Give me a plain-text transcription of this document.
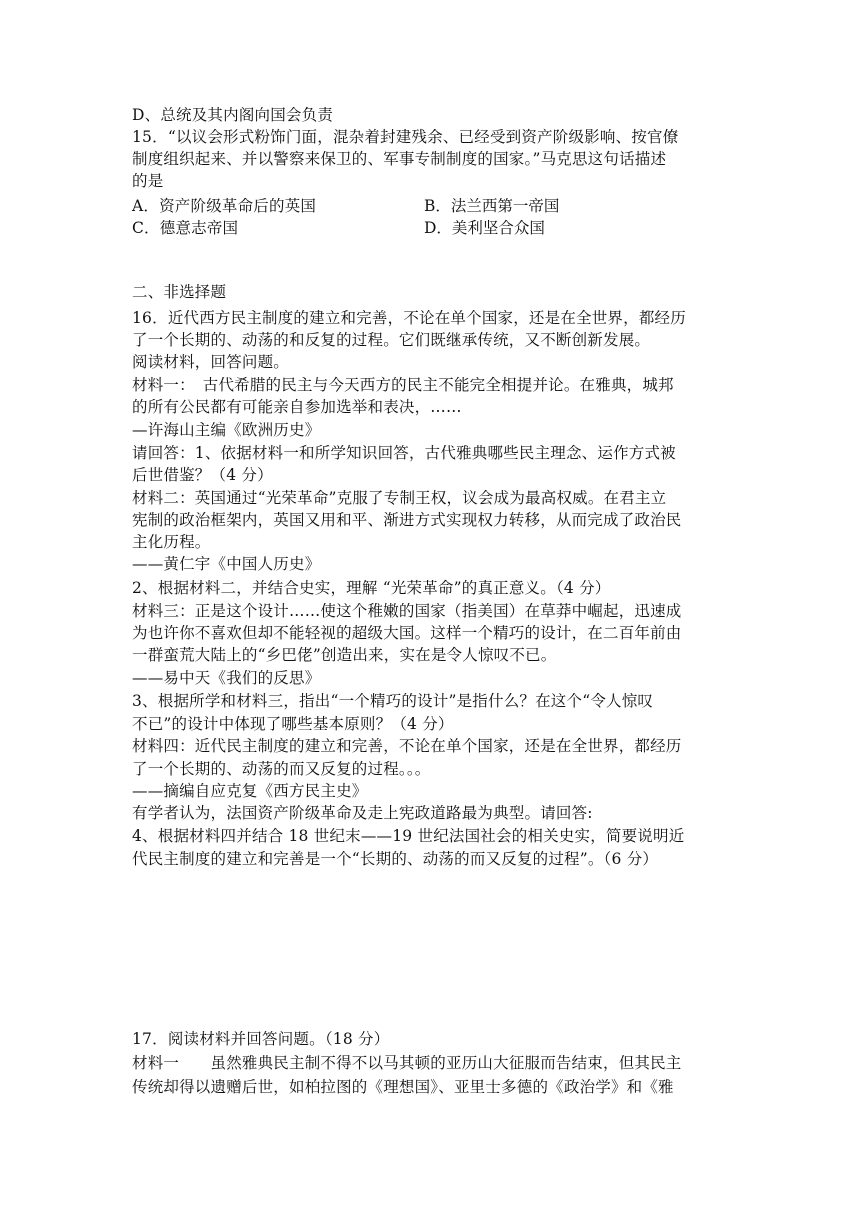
D、总统及其内阁向国会负责
15．“以议会形式粉饰门面，混杂着封建残余、已经受到资产阶级影响、按官僚
制度组织起来、并以警察来保卫的、军事专制制度的国家。”马克思这句话描述
的是
A．资产阶级革命后的英国	B．法兰西第一帝国
C．德意志帝国	D．美利坚合众国
二、非选择题
16．近代西方民主制度的建立和完善，不论在单个国家，还是在全世界，都经历
了一个长期的、动荡的和反复的过程。它们既继承传统，又不断创新发展。
阅读材料，回答问题。
材料一：　古代希腊的民主与今天西方的民主不能完全相提并论。在雅典，城邦
的所有公民都有可能亲自参加选举和表决，……
—许海山主编《欧洲历史》
请回答：1、依据材料一和所学知识回答，古代雅典哪些民主理念、运作方式被
后世借鉴？（4 分）
材料二：英国通过“光荣革命”克服了专制王权，议会成为最高权威。在君主立
宪制的政治框架内，英国又用和平、渐进方式实现权力转移，从而完成了政治民
主化历程。
——黄仁宇《中国人历史》
2、根据材料二，并结合史实，理解 “光荣革命”的真正意义。（4 分）
材料三：正是这个设计……使这个稚嫩的国家（指美国）在草莽中崛起，迅速成
为也许你不喜欢但却不能轻视的超级大国。这样一个精巧的设计，在二百年前由
一群蛮荒大陆上的“乡巴佬”创造出来，实在是令人惊叹不已。
——易中天《我们的反思》
3、根据所学和材料三，指出“一个精巧的设计”是指什么？在这个“令人惊叹
不已”的设计中体现了哪些基本原则？（4 分）
材料四：近代民主制度的建立和完善，不论在单个国家，还是在全世界，都经历
了一个长期的、动荡的而又反复的过程。。。
——摘编自应克复《西方民主史》
有学者认为，法国资产阶级革命及走上宪政道路最为典型。请回答:
4、根据材料四并结合 18 世纪末——19 世纪法国社会的相关史实，简要说明近
代民主制度的建立和完善是一个“长期的、动荡的而又反复的过程”。（6 分）
17．阅读材料并回答问题。（18 分）
材料一　　虽然雅典民主制不得不以马其顿的亚历山大征服而告结束，但其民主
传统却得以遗赠后世，如柏拉图的《理想国》、亚里士多德的《政治学》和《雅
